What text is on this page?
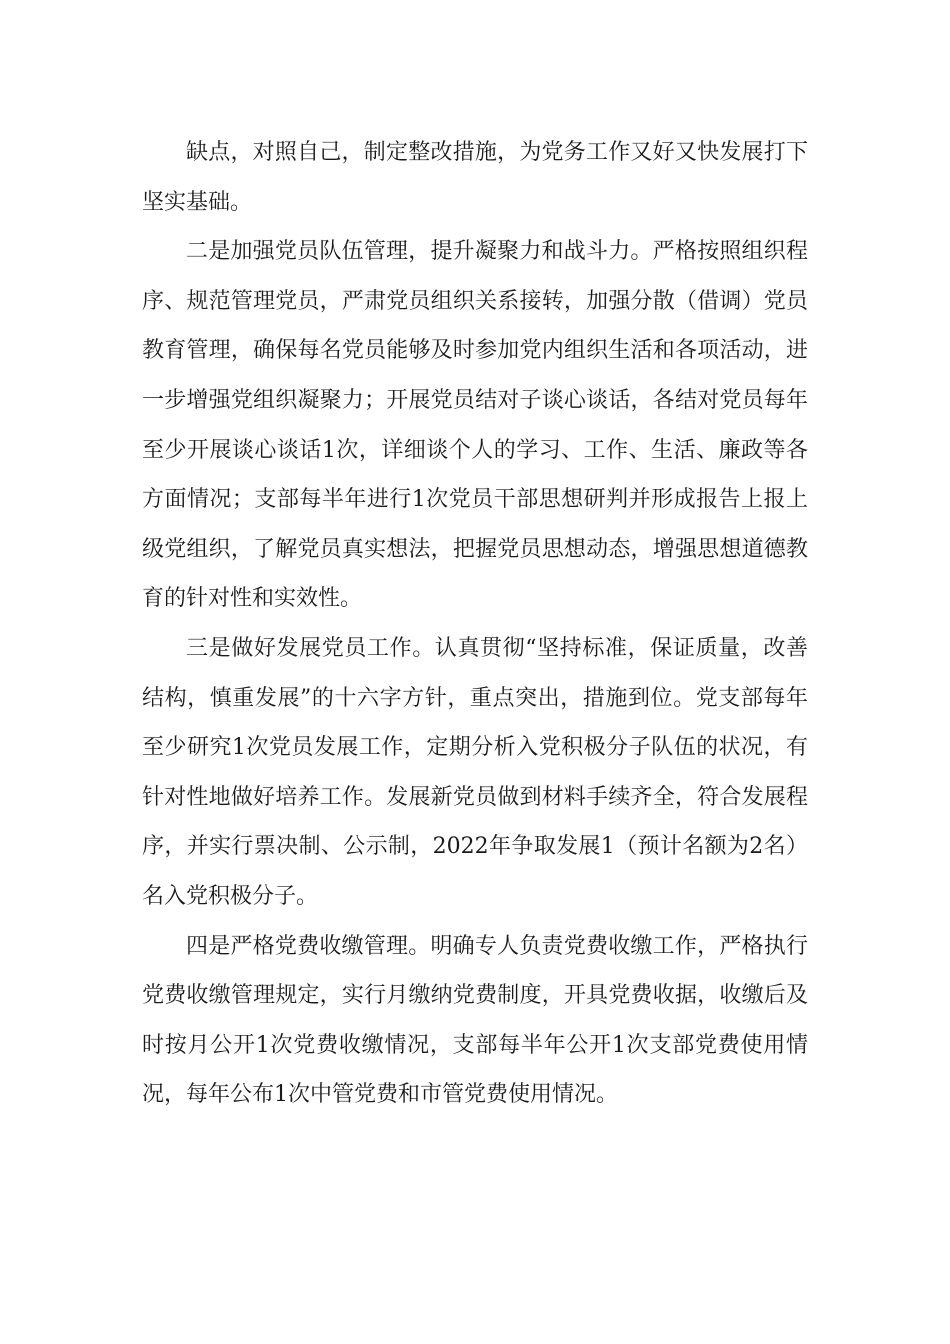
缺点，对照自己，制定整改措施，为党务工作又好又快发展打下坚实基础。

二是加强党员队伍管理，提升凝聚力和战斗力。严格按照组织程序、规范管理党员，严肃党员组织关系接转，加强分散（借调）党员教育管理，确保每名党员能够及时参加党内组织生活和各项活动，进一步增强党组织凝聚力；开展党员结对子谈心谈话，各结对党员每年至少开展谈心谈话1次，详细谈个人的学习、工作、生活、廉政等各方面情况；支部每半年进行1次党员干部思想研判并形成报告上报上级党组织，了解党员真实想法，把握党员思想动态，增强思想道德教育的针对性和实效性。

三是做好发展党员工作。认真贯彻“坚持标准，保证质量，改善结构，慎重发展”的十六字方针，重点突出，措施到位。党支部每年至少研究1次党员发展工作，定期分析入党积极分子队伍的状况，有针对性地做好培养工作。发展新党员做到材料手续齐全，符合发展程序，并实行票决制、公示制，2022年争取发展1（预计名额为2名）名入党积极分子。

四是严格党费收缴管理。明确专人负责党费收缴工作，严格执行党费收缴管理规定，实行月缴纳党费制度，开具党费收据，收缴后及时按月公开1次党费收缴情况，支部每半年公开1次支部党费使用情况，每年公布1次中管党费和市管党费使用情况。
